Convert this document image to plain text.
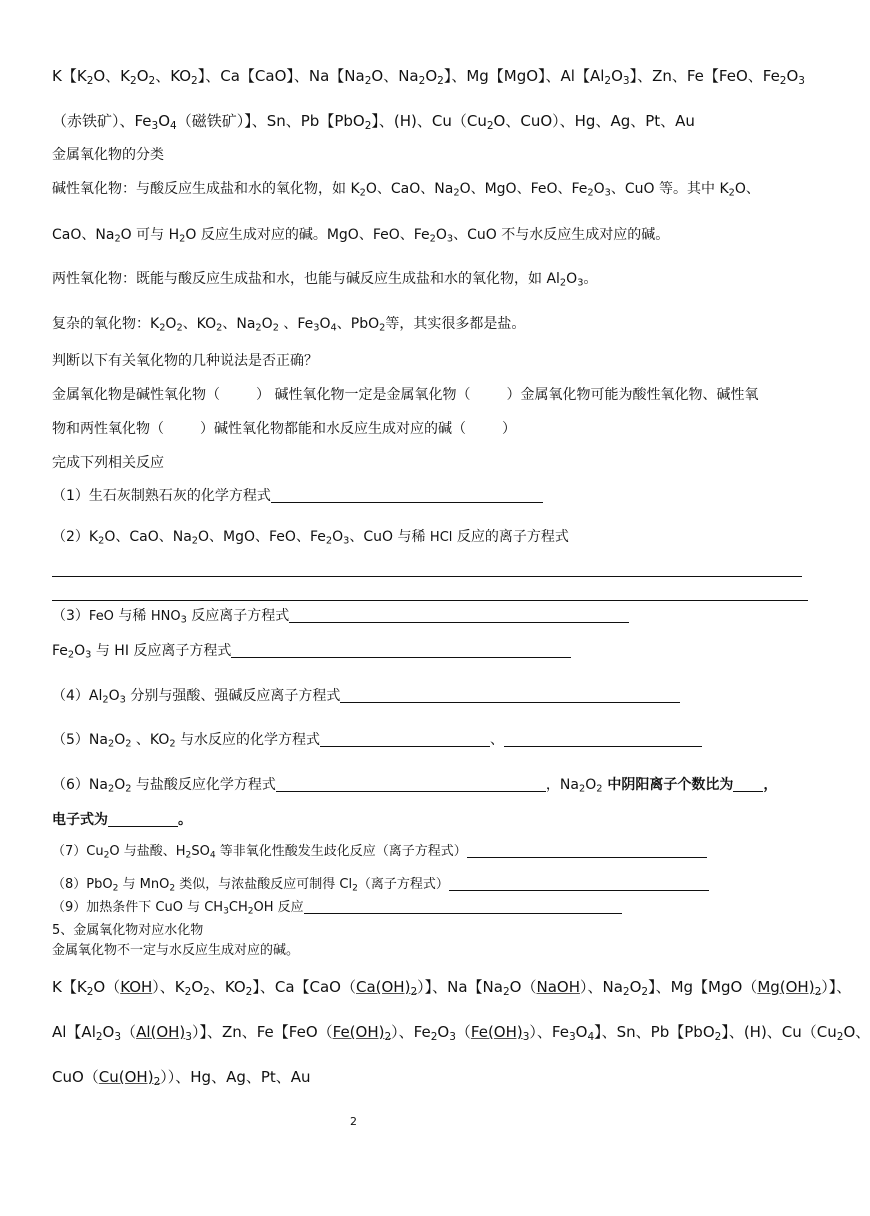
K【$K_2O$、$K_2O_2$、$KO_2$】、Ca【CaO】、Na【$Na_2O$、$Na_2O_2$】、Mg【MgO】、Al【$Al_2O_3$】、Zn、Fe【FeO、$Fe_2O_3$
（赤铁矿）、$Fe_3O_4$（磁铁矿）】、Sn、Pb【PbO$_2$】、(H)、$Cu(Cu_2O$、CuO）、Hg、Ag、Pt、Au
金属氧化物的分类
碱性氧化物：与酸反应生成盐和水的氧化物，如 $K_2O$、CaO、$Na_2O$、MgO、FeO、$Fe_2O_3$、CuO 等。其中 $K_2O$、
CaO、$Na_2O$ 可与 $H_2O$ 反应生成对应的碱。MgO、FeO、$Fe_2O_3$、CuO 不与水反应生成对应的碱。
两性氧化物：既能与酸反应生成盐和水，也能与碱反应生成盐和水的氧化物，如 $Al_2O_3$。
复杂的氧化物：$K_2O_2$、$KO_2$、$Na_2O_2$ 、$Fe_3O_4$、PbO$_2$等，其实很多都是盐。
判断以下有关氧化物的几种说法是否正确？
金属氧化物是碱性氧化物（	） 碱性氧化物一定是金属氧化物（	）金属氧化物可能为酸性氧化物、碱性氧
物和两性氧化物（	）碱性氧化物都能和水反应生成对应的碱（	）
完成下列相关反应
（1）生石灰制熟石灰的化学方程式
$(2)K_2O$、CaO、$Na_2O$、MgO、FeO、$Fe_2O_3$、CuO 与稀 HCl 反应的离子方程式
（3）FeO 与稀 $HNO_3$ 反应离子方程式
$Fe_2O_3$ 与 HI 反应离子方程式
$(4)Al_2O_3$ 分别与强酸、强碱反应离子方程式
$(5)Na_2O_2$ 、$KO_2$ 与水反应的化学方程式	、
$(6)Na_2O_2$ 与盐酸反应化学方程式	，$Na_2O_2$ 中阴阳离子个数比为 ，
电子式为	。
$(7)Cu_2O$ 与盐酸、$H_2SO_4$ 等非氧化性酸发生歧化反应（离子方程式）
（8）PbO$_2$ 与 MnO$_2$ 类似，与浓盐酸反应可制得 $Cl_2$（离子方程式）
（9）加热条件下 CuO 与 $CH_3CH_2OH$ 反应
5、金属氧化物对应水化物
金属氧化物不一定与水反应生成对应的碱。
K【$K_2O(KOH)$、$K_2O_2$、$KO_2$】、Ca【$CaO(Ca(OH)_2)$】、Na【$Na_2O(NaOH)$、$Na_2O_2$】、Mg【$MgO(Mg(OH)_2)$】、
Al【$Al_2O_3(Al(OH)_3)$】、Zn、Fe【$FeO(Fe(OH)_2)$、$Fe_2O_3(Fe(OH)_3)$、$Fe_3O_4$】、Sn、Pb【PbO$_2$】、(H)、$Cu(Cu_2O$、
$CuO(Cu(OH)_2)$）、Hg、Ag、Pt、Au
2
